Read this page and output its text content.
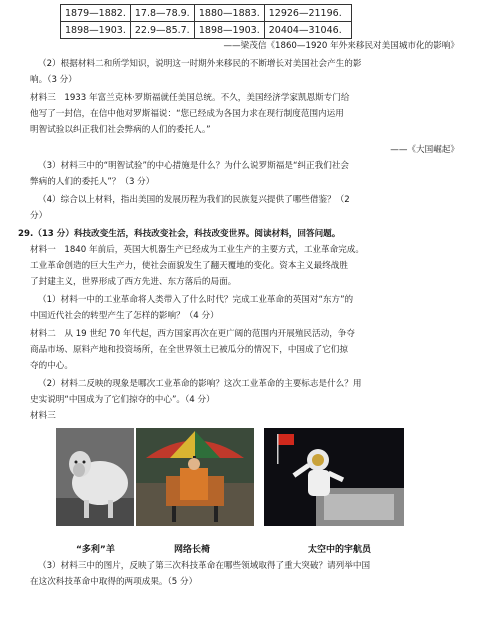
1879—1882.	17.8—78.9.	1880—1883.	12926—21196.
1898—1903.	22.9—85.7.	1898—1903.	20404—31046.
——梁茂信《1860—1920 年外来移民对美国城市化的影响》
（2）根据材料二和所学知识，说明这一时期外来移民的不断增长对美国社会产生的影
响。（3 分）
材料三　1933 年富兰克林·罗斯福就任美国总统。不久，美国经济学家凯恩斯专门给
他写了一封信，在信中他对罗斯福说：“您已经成为各国力求在现行制度范围内运用
明智试验以纠正我们社会弊病的人们的委托人。”
——《大国崛起》
（3）材料三中的“明智试验”的中心措施是什么？为什么说罗斯福是“纠正我们社会
弊病的人们的委托人”？（3 分）
（4）综合以上材料，指出美国的发展历程为我们的民族复兴提供了哪些借鉴？（2
分）
29.（13 分）科技改变生活，科技改变社会，科技改变世界。阅读材料，回答问题。
材料一　1840 年前后，英国大机器生产已经成为工业生产的主要方式，工业革命完成。
工业革命创造的巨大生产力，使社会面貌发生了翻天覆地的变化。资本主义最终战胜
了封建主义，世界形成了西方先进、东方落后的局面。
（1）材料一中的工业革命将人类带入了什么时代？完成工业革命的英国对“东方”的
中国近代社会的转型产生了怎样的影响？（4 分）
材料二　从 19 世纪 70 年代起，西方国家再次在更广阔的范围内开展殖民活动，争夺
商品市场、原料产地和投资场所，在全世界领土已被瓜分的情况下，中国成了它们掠
夺的中心。
（2）材料二反映的现象是哪次工业革命的影响？这次工业革命的主要标志是什么？用
史实说明“中国成为了它们掠夺的中心”。（4 分）
材料三
“多利”羊	网络长椅	太空中的宇航员
（3）材料三中的图片，反映了第三次科技革命在哪些领域取得了重大突破？请列举中国
在这次科技革命中取得的两项成果。（5 分）
